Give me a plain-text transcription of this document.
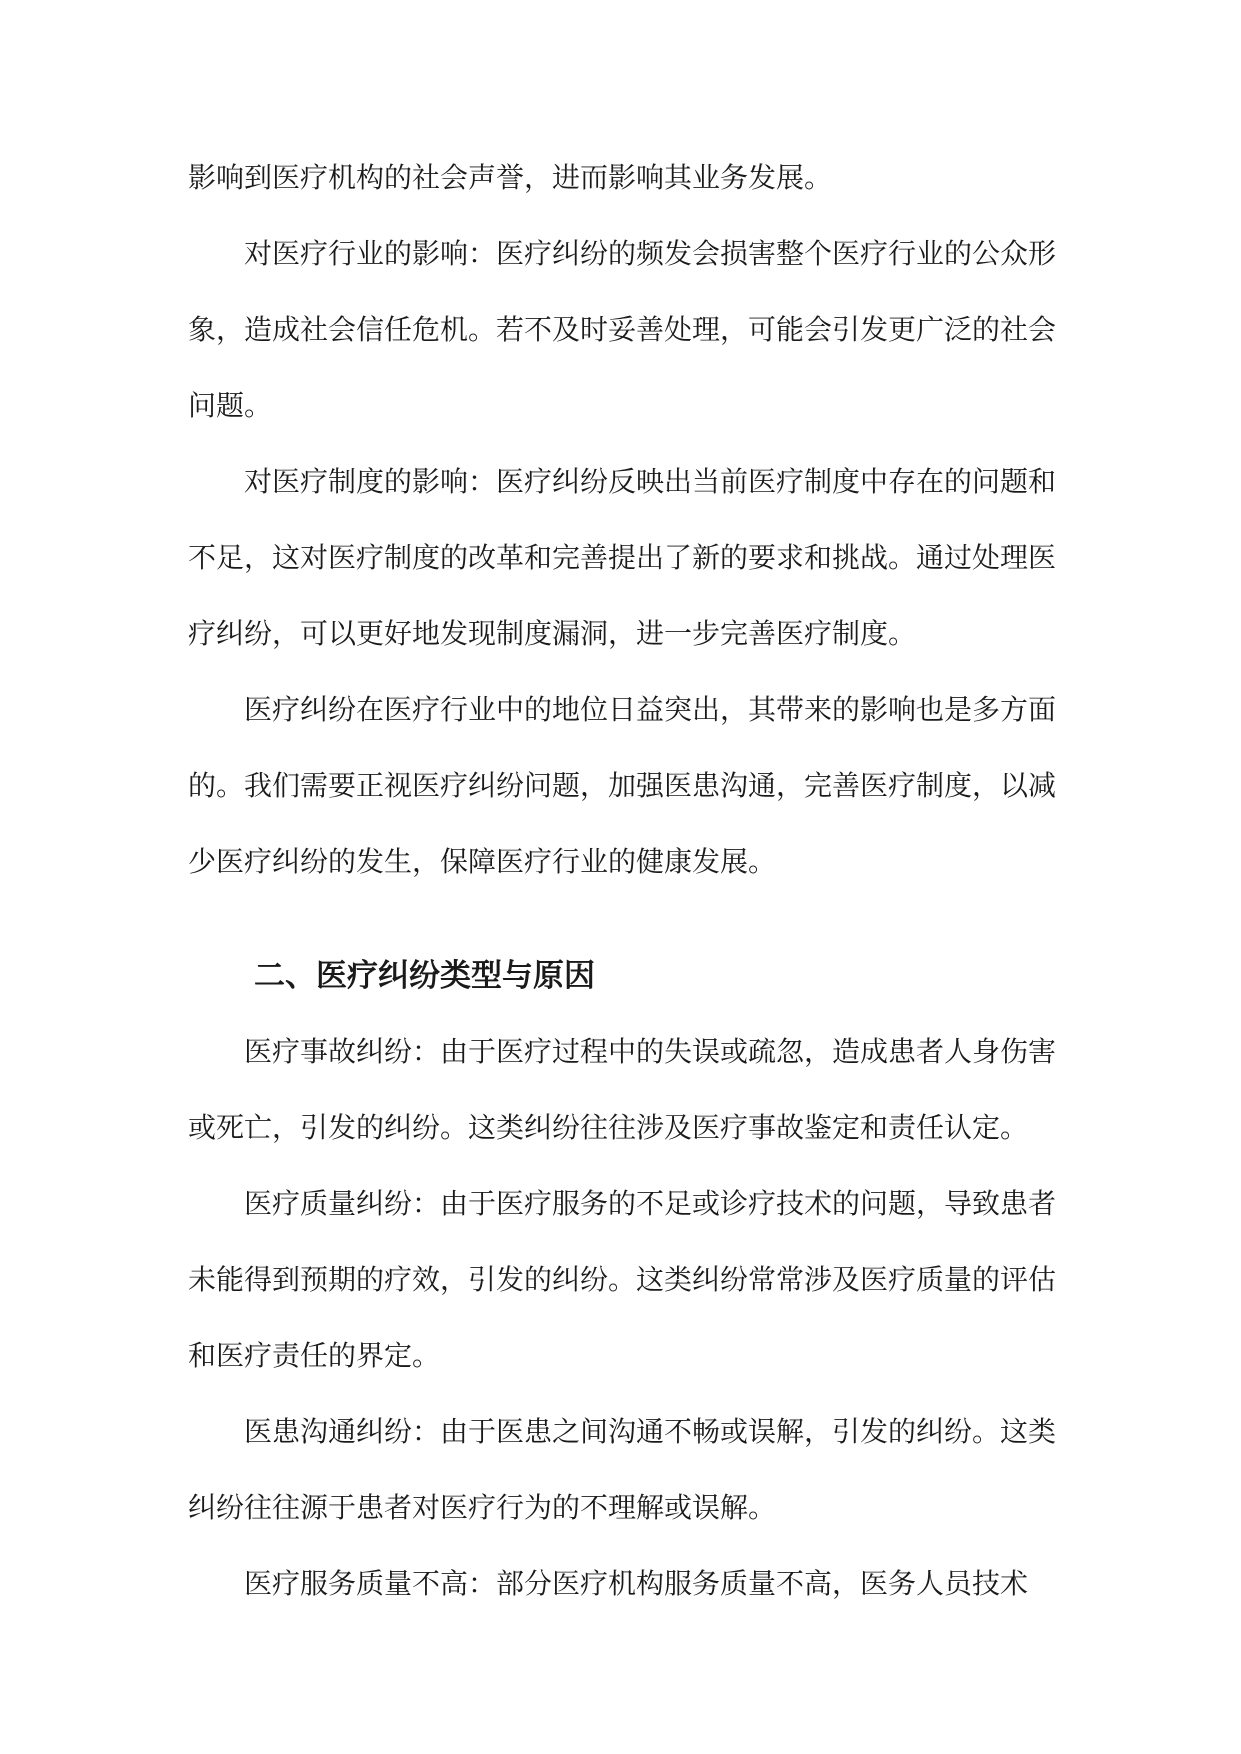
影响到医疗机构的社会声誉，进而影响其业务发展。

对医疗行业的影响：医疗纠纷的频发会损害整个医疗行业的公众形象，造成社会信任危机。若不及时妥善处理，可能会引发更广泛的社会问题。

对医疗制度的影响：医疗纠纷反映出当前医疗制度中存在的问题和不足，这对医疗制度的改革和完善提出了新的要求和挑战。通过处理医疗纠纷，可以更好地发现制度漏洞，进一步完善医疗制度。

医疗纠纷在医疗行业中的地位日益突出，其带来的影响也是多方面的。我们需要正视医疗纠纷问题，加强医患沟通，完善医疗制度，以减少医疗纠纷的发生，保障医疗行业的健康发展。

二、医疗纠纷类型与原因

医疗事故纠纷：由于医疗过程中的失误或疏忽，造成患者人身伤害或死亡，引发的纠纷。这类纠纷往往涉及医疗事故鉴定和责任认定。

医疗质量纠纷：由于医疗服务的不足或诊疗技术的问题，导致患者未能得到预期的疗效，引发的纠纷。这类纠纷常常涉及医疗质量的评估和医疗责任的界定。

医患沟通纠纷：由于医患之间沟通不畅或误解，引发的纠纷。这类纠纷往往源于患者对医疗行为的不理解或误解。

医疗服务质量不高：部分医疗机构服务质量不高，医务人员技术
